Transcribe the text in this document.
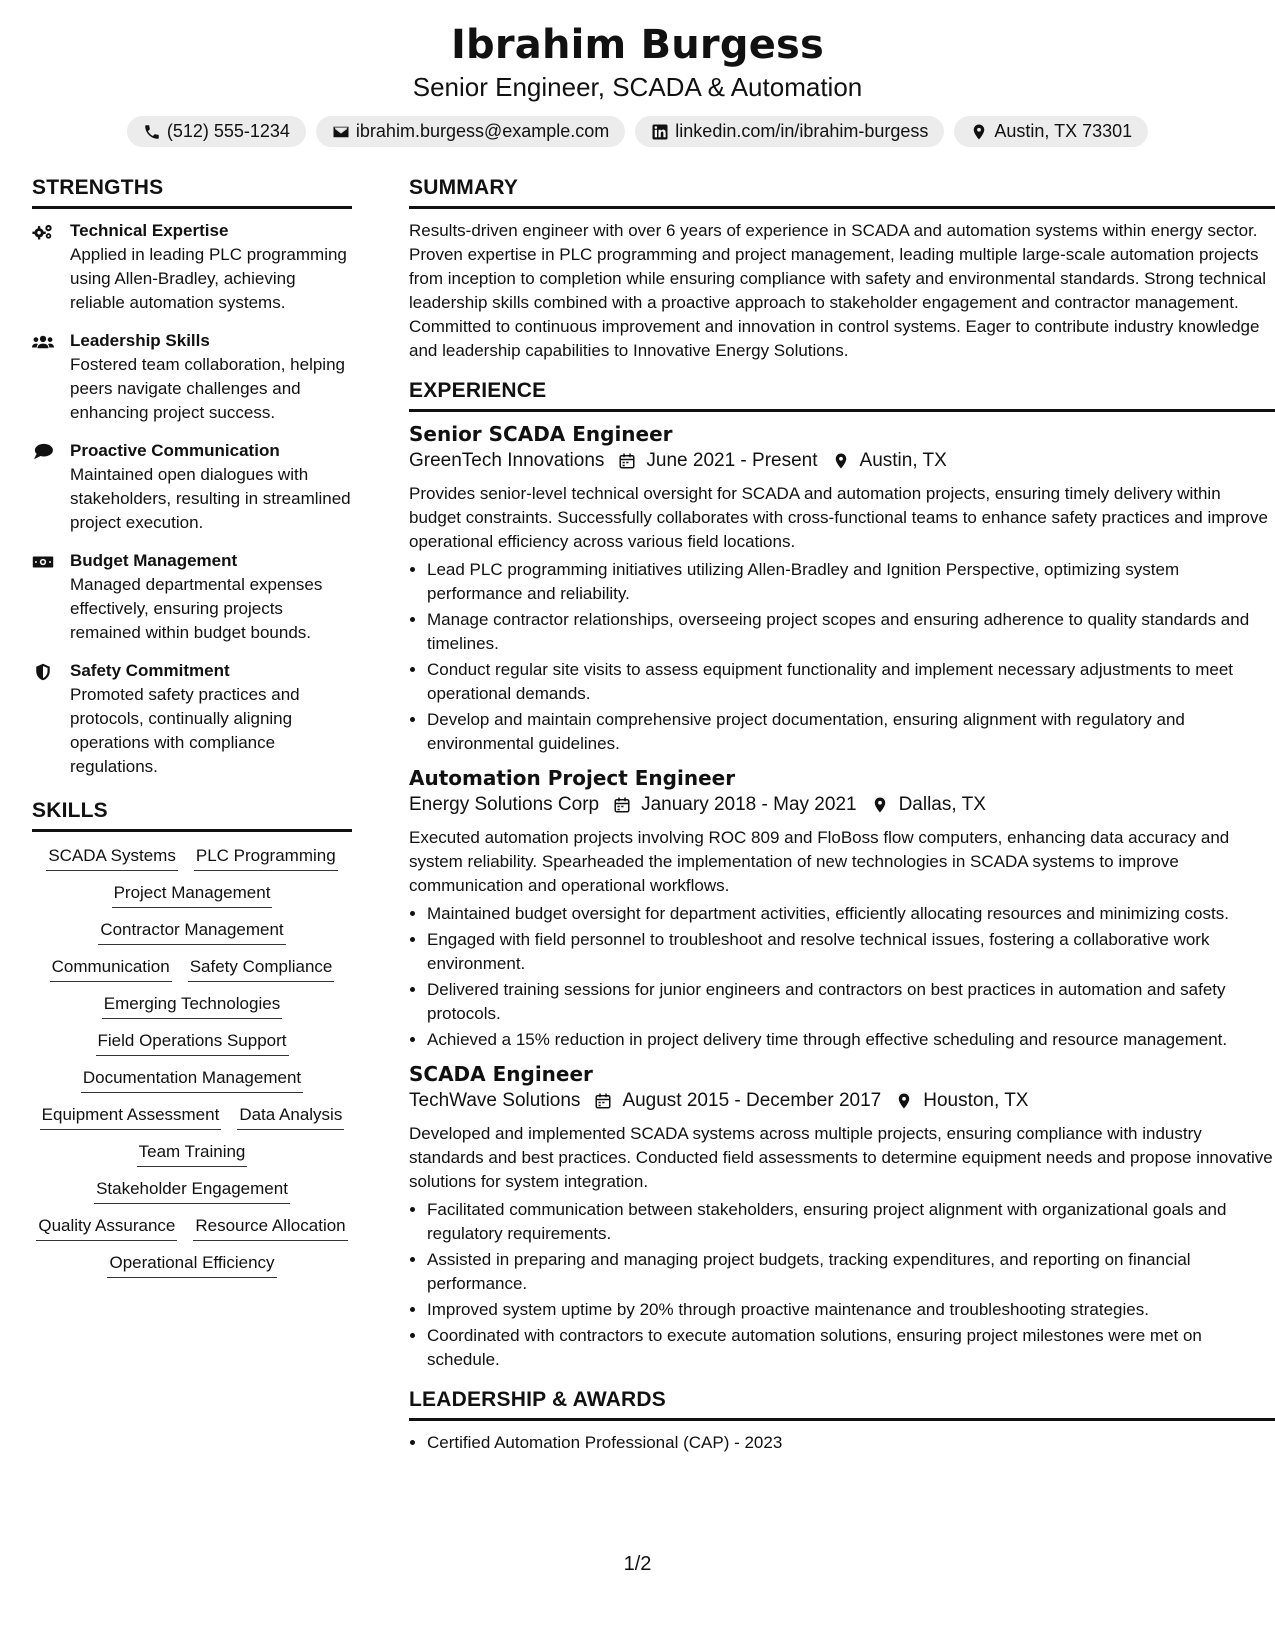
Ibrahim Burgess
Senior Engineer, SCADA & Automation
(512) 555-1234	ibrahim.burgess@example.com	linkedin.com/in/ibrahim-burgess	Austin, TX 73301
STRENGTHS
Technical Expertise
Applied in leading PLC programming using Allen-Bradley, achieving reliable automation systems.
Leadership Skills
Fostered team collaboration, helping peers navigate challenges and enhancing project success.
Proactive Communication
Maintained open dialogues with stakeholders, resulting in streamlined project execution.
Budget Management
Managed departmental expenses effectively, ensuring projects remained within budget bounds.
Safety Commitment
Promoted safety practices and protocols, continually aligning operations with compliance regulations.
SKILLS
SCADA Systems PLC Programming
Project Management
Contractor Management
Communication Safety Compliance
Emerging Technologies
Field Operations Support
Documentation Management
Equipment Assessment Data Analysis
Team Training
Stakeholder Engagement
Quality Assurance Resource Allocation
Operational Efficiency
SUMMARY

Results-driven engineer with over 6 years of experience in SCADA and automation systems within energy sector. Proven expertise in PLC programming and project management, leading multiple large-scale automation projects from inception to completion while ensuring compliance with safety and environmental standards. Strong technical leadership skills combined with a proactive approach to stakeholder engagement and contractor management. Committed to continuous improvement and innovation in control systems. Eager to contribute industry knowledge and leadership capabilities to Innovative Energy Solutions.

EXPERIENCE
Senior SCADA Engineer
GreenTech Innovations June 2021 - Present Austin, TX

Provides senior-level technical oversight for SCADA and automation projects, ensuring timely delivery within budget constraints. Successfully collaborates with cross-functional teams to enhance safety practices and improve operational efficiency across various field locations.

• Lead PLC programming initiatives utilizing Allen-Bradley and Ignition Perspective, optimizing system performance and reliability.
• Manage contractor relationships, overseeing project scopes and ensuring adherence to quality standards and timelines.
• Conduct regular site visits to assess equipment functionality and implement necessary adjustments to meet operational demands.
• Develop and maintain comprehensive project documentation, ensuring alignment with regulatory and environmental guidelines.
Automation Project Engineer
Energy Solutions Corp January 2018 - May 2021 Dallas, TX

Executed automation projects involving ROC 809 and FloBoss flow computers, enhancing data accuracy and system reliability. Spearheaded the implementation of new technologies in SCADA systems to improve communication and operational workflows.

• Maintained budget oversight for department activities, efficiently allocating resources and minimizing costs.
• Engaged with field personnel to troubleshoot and resolve technical issues, fostering a collaborative work environment.
• Delivered training sessions for junior engineers and contractors on best practices in automation and safety protocols.
• Achieved a 15% reduction in project delivery time through effective scheduling and resource management.
SCADA Engineer
TechWave Solutions August 2015 - December 2017 Houston, TX

Developed and implemented SCADA systems across multiple projects, ensuring compliance with industry standards and best practices. Conducted field assessments to determine equipment needs and propose innovative solutions for system integration.

• Facilitated communication between stakeholders, ensuring project alignment with organizational goals and regulatory requirements.
• Assisted in preparing and managing project budgets, tracking expenditures, and reporting on financial performance.
• Improved system uptime by 20% through proactive maintenance and troubleshooting strategies.
• Coordinated with contractors to execute automation solutions, ensuring project milestones were met on schedule.
LEADERSHIP & AWARDS
• Certified Automation Professional (CAP) - 2023
1/2
